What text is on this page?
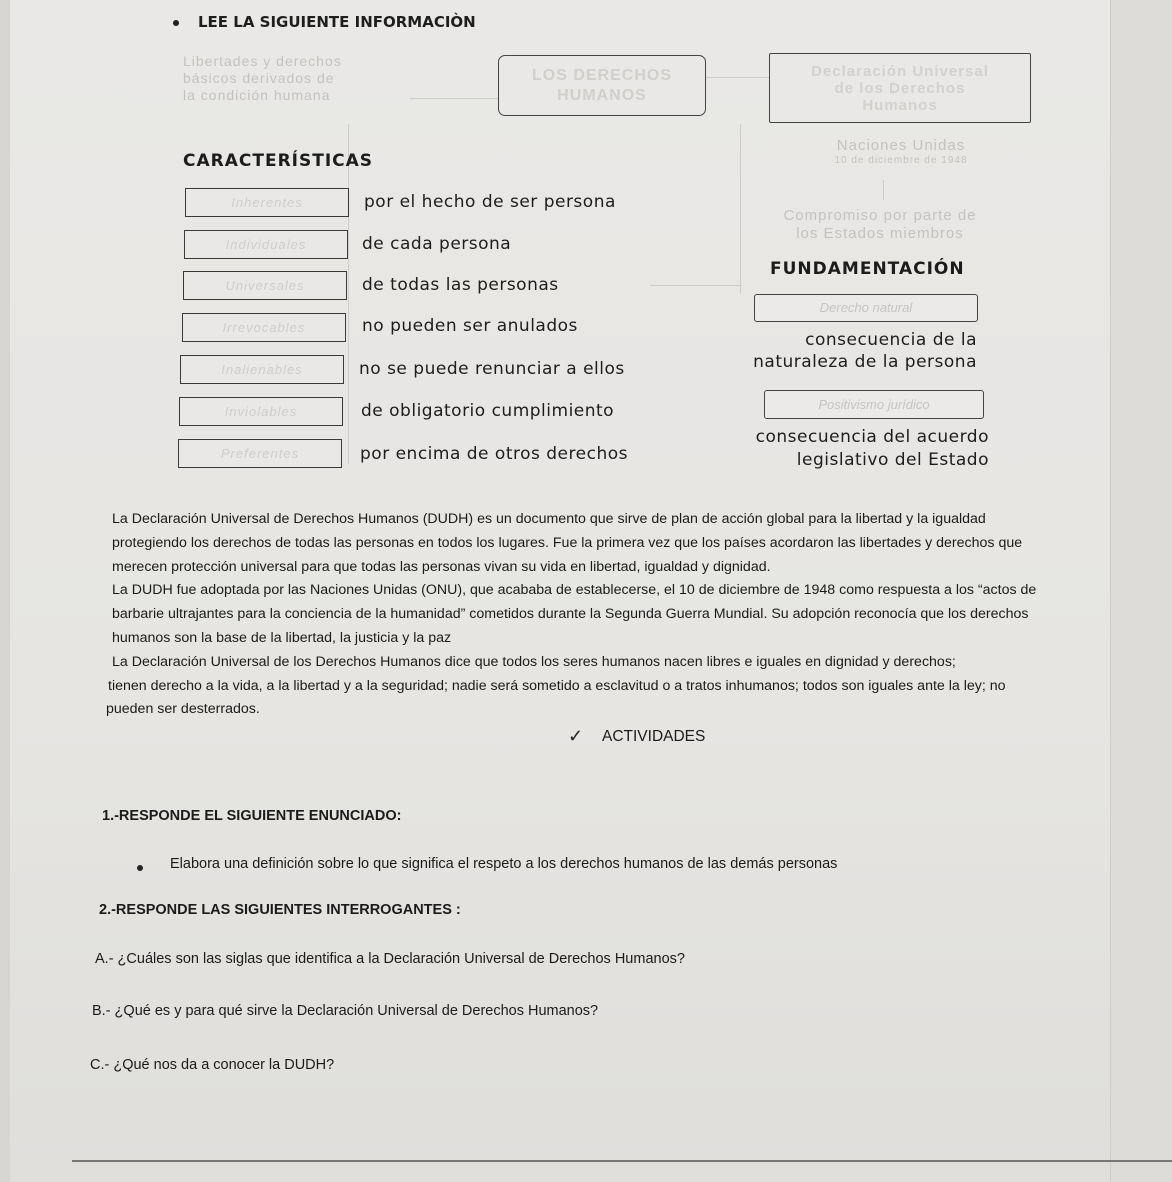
LEE LA SIGUIENTE INFORMACIÒN
Libertades y derechos
básicos derivados de
la condición humana
LOS DERECHOS
HUMANOS
Declaración Universal
de los Derechos
Humanos
Naciones Unidas
10 de diciembre de 1948
Compromiso por parte de
los Estados miembros
CARACTERÍSTICAS
Inherentes	por el hecho de ser persona
Individuales	de cada persona
Universales	de todas las personas
Irrevocables	no pueden ser anulados
Inalienables	no se puede renunciar a ellos
Inviolables	de obligatorio cumplimiento
Preferentes	por encima de otros derechos
FUNDAMENTACIÓN
Derecho natural
consecuencia de la
naturaleza de la persona
Positivismo jurídico
consecuencia del acuerdo
legislativo del Estado
La Declaración Universal de Derechos Humanos (DUDH) es un documento que sirve de plan de acción global para la libertad y la igualdad
protegiendo los derechos de todas las personas en todos los lugares. Fue la primera vez que los países acordaron las libertades y derechos que
merecen protección universal para que todas las personas vivan su vida en libertad, igualdad y dignidad.
La DUDH fue adoptada por las Naciones Unidas (ONU), que acababa de establecerse, el 10 de diciembre de 1948 como respuesta a los “actos de
barbarie ultrajantes para la conciencia de la humanidad” cometidos durante la Segunda Guerra Mundial. Su adopción reconocía que los derechos
humanos son la base de la libertad, la justicia y la paz
La Declaración Universal de los Derechos Humanos dice que todos los seres humanos nacen libres e iguales en dignidad y derechos;
tienen derecho a la vida, a la libertad y a la seguridad; nadie será sometido a esclavitud o a tratos inhumanos; todos son iguales ante la ley; no
pueden ser desterrados.
✓ ACTIVIDADES
1.-RESPONDE EL SIGUIENTE ENUNCIADO:
Elabora una definición sobre lo que significa el respeto a los derechos humanos de las demás personas
2.-RESPONDE LAS SIGUIENTES INTERROGANTES :
A.- ¿Cuáles son las siglas que identifica a la Declaración Universal de Derechos Humanos?
B.- ¿Qué es y para qué sirve la Declaración Universal de Derechos Humanos?
C.- ¿Qué nos da a conocer la DUDH?
